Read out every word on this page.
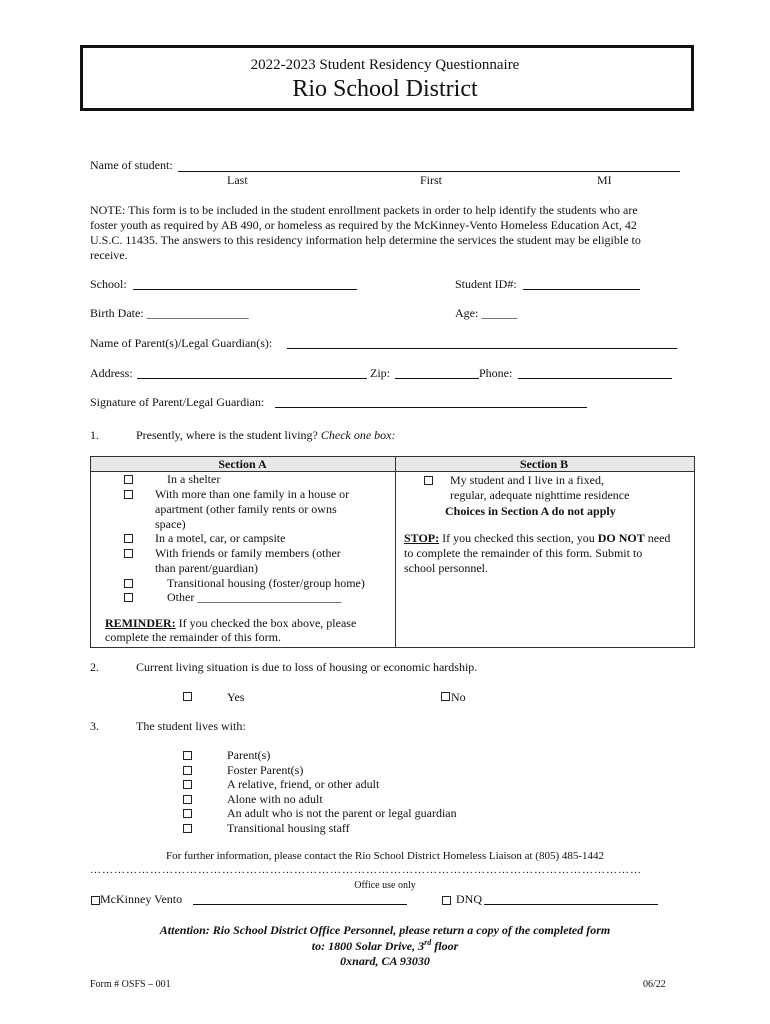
2022-2023 Student Residency Questionnaire
Rio School District
Name of student:
Last	First	MI
NOTE: This form is to be included in the student enrollment packets in order to help identify the students who are
foster youth as required by AB 490, or homeless as required by the McKinney-Vento Homeless Education Act, 42
U.S.C. 11435. The answers to this residency information help determine the services the student may be eligible to
receive.
School:	Student ID#:
Birth Date: _________________	Age: ______
Name of Parent(s)/Legal Guardian(s):
Address:	Zip:	Phone:
Signature of Parent/Legal Guardian:
1.	Presently, where is the student living? Check one box:
Section A	Section B
In a shelter
With more than one family in a house or
apartment (other family rents or owns
space)
In a motel, car, or campsite
With friends or family members (other
than parent/guardian)
Transitional housing (foster/group home)
Other ________________________
REMINDER: If you checked the box above, please
complete the remainder of this form.
My student and I live in a fixed,
regular, adequate nighttime residence
Choices in Section A do not apply
STOP: If you checked this section, you DO NOT need
to complete the remainder of this form. Submit to
school personnel.
2.	Current living situation is due to loss of housing or economic hardship.
Yes	No
3.	The student lives with:
Parent(s)
Foster Parent(s)
A relative, friend, or other adult
Alone with no adult
An adult who is not the parent or legal guardian
Transitional housing staff
For further information, please contact the Rio School District Homeless Liaison at (805) 485-1442
…………………………………………………………………………………………………………………………
Office use only
McKinney Vento	DNQ
Attention: Rio School District Office Personnel, please return a copy of the completed form
to: 1800 Solar Drive, 3rd floor
0xnard, CA 93030
Form # OSFS – 001	06/22
